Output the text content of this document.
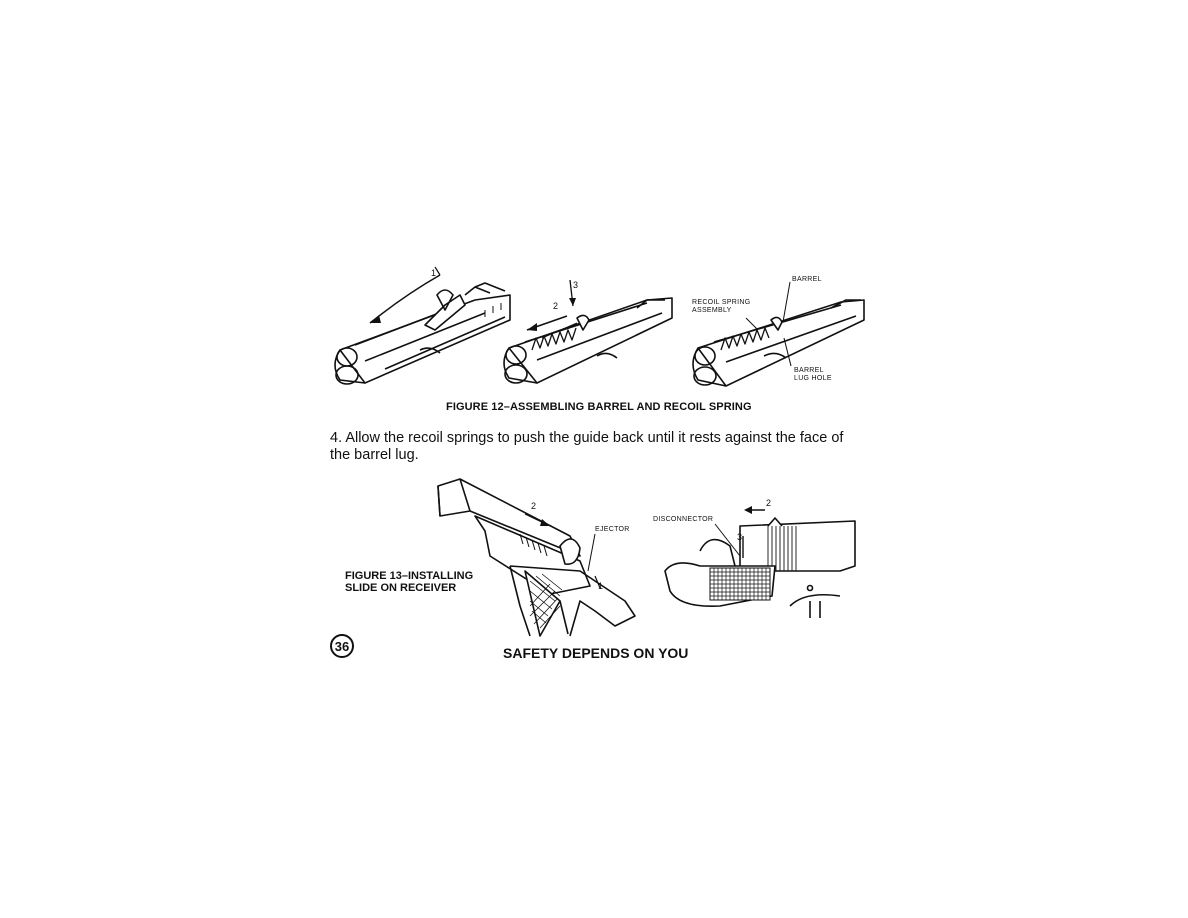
1
2
3
BARREL
RECOIL SPRING
ASSEMBLY
BARREL
LUG HOLE
FIGURE 12–ASSEMBLING BARREL AND RECOIL SPRING
4. Allow the recoil springs to push the guide back until it rests against the face of the barrel lug.
2
1
EJECTOR
2
3
DISCONNECTOR
FIGURE 13–INSTALLING
SLIDE ON RECEIVER
36	SAFETY DEPENDS ON YOU
